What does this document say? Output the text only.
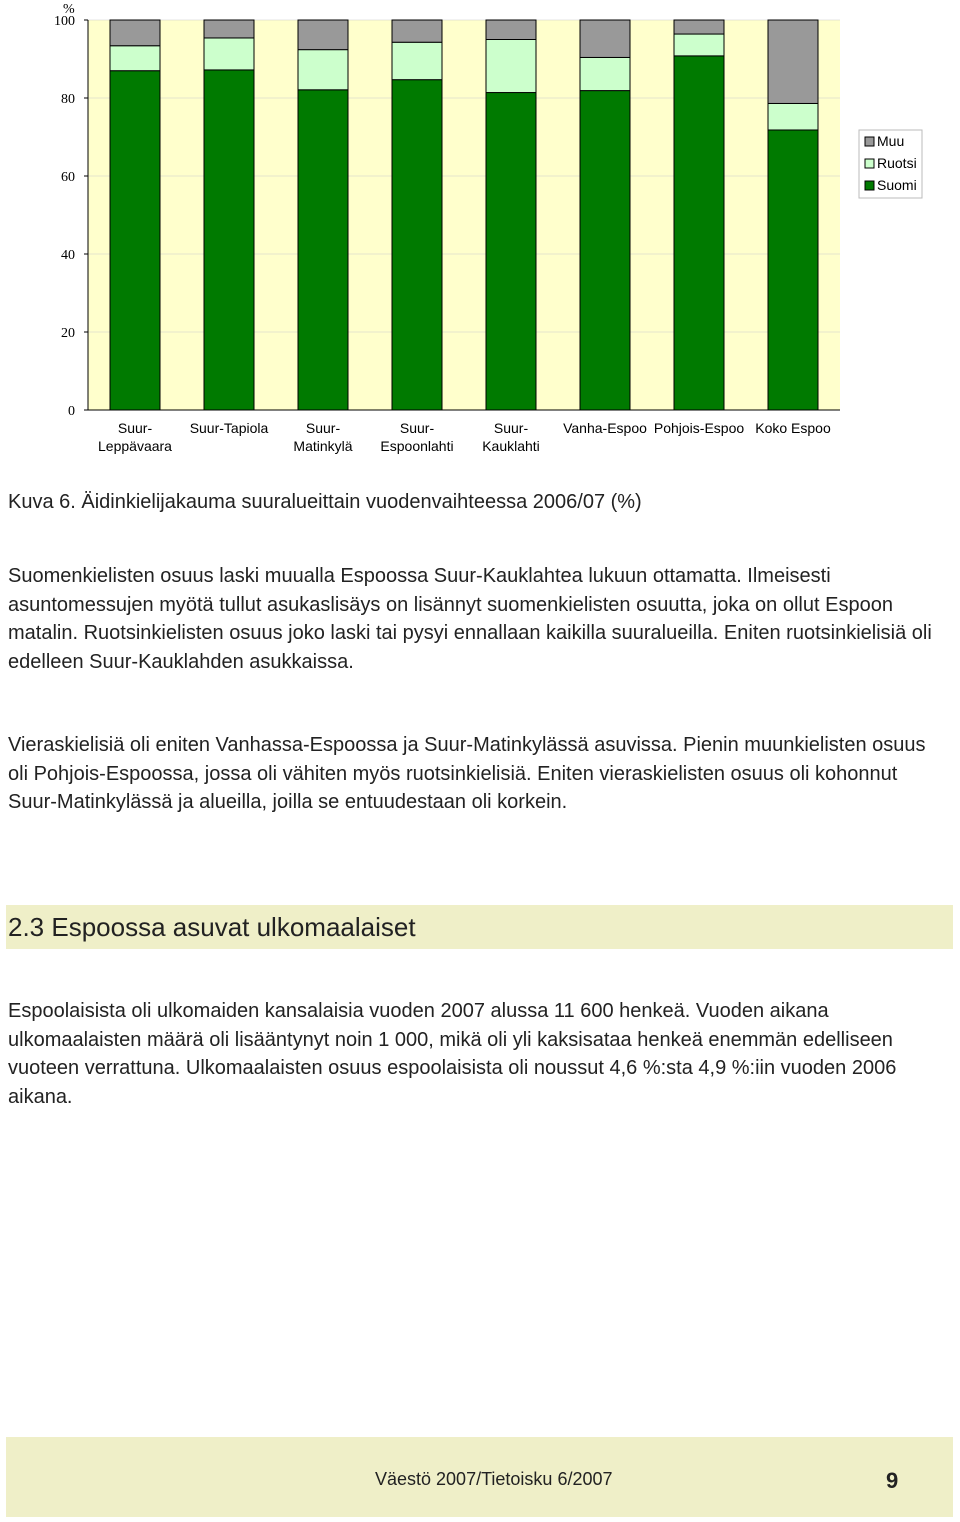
0
20
40
60
80
100
%
Suur-Leppävaara
Suur-Tapiola	Suur-Matinkylä
Suur-Espoonlahti
Suur-Kauklahti
Vanha-Espoo Pohjois-Espoo Koko Espoo
Muu
Ruotsi
Suomi

Kuva 6. Äidinkielijakauma suuralueittain vuodenvaihteessa 2006/07 (%)

Suomenkielisten osuus laski muualla Espoossa Suur-Kauklahtea lukuun ottamatta. Ilmeisesti asuntomessujen myötä tullut asukaslisäys on lisännyt suomenkielisten osuutta, joka on ollut Espoon matalin. Ruotsinkielisten osuus joko laski tai pysyi ennallaan kaikilla suuralueilla. Eniten ruotsinkielisiä oli edelleen Suur-Kauklahden asukkaissa.

Vieraskielisiä oli eniten Vanhassa-Espoossa ja Suur-Matinkylässä asuvissa. Pienin muunkielisten osuus oli Pohjois-Espoossa, jossa oli vähiten myös ruotsinkielisiä. Eniten vieraskielisten osuus oli kohonnut Suur-Matinkylässä ja alueilla, joilla se entuudestaan oli korkein.

2.3 Espoossa asuvat ulkomaalaiset

Espoolaisista oli ulkomaiden kansalaisia vuoden 2007 alussa 11 600 henkeä. Vuoden aikana ulkomaalaisten määrä oli lisääntynyt noin 1 000, mikä oli yli kaksisataa henkeä enemmän edelliseen vuoteen verrattuna. Ulkomaalaisten osuus espoolaisista oli noussut 4,6 %:sta 4,9 %:iin vuoden 2006 aikana.

Väestö 2007/Tietoisku 6/2007	9
